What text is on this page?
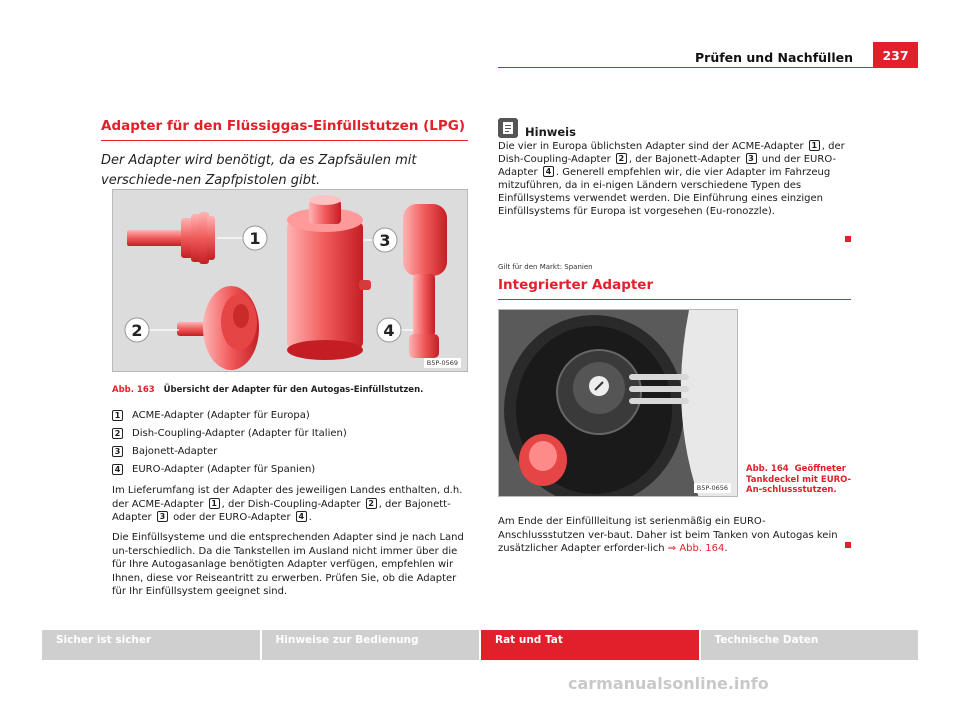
Prüfen und Nachfüllen	237
Adapter für den Flüssiggas-Einfüllstutzen (LPG)
Der Adapter wird benötigt, da es Zapfsäulen mit verschiede-nen Zapfpistolen gibt.
1
2
3
4
B5P-0569
Abb. 163 Übersicht der Adapter für den Autogas-Einfüllstutzen.
1 ACME-Adapter (Adapter für Europa)
2 Dish-Coupling-Adapter (Adapter für Italien)
3 Bajonett-Adapter
4 EURO-Adapter (Adapter für Spanien)
Im Lieferumfang ist der Adapter des jeweiligen Landes enthalten, d.h. der ACME-Adapter 1 , der Dish-Coupling-Adapter 2 , der Bajonett-Adapter 3 oder der EURO-Adapter 4 .
Die Einfüllsysteme und die entsprechenden Adapter sind je nach Land un-terschiedlich. Da die Tankstellen im Ausland nicht immer über die für Ihre Autogasanlage benötigten Adapter verfügen, empfehlen wir Ihnen, diese vor Reiseantritt zu erwerben. Prüfen Sie, ob die Adapter für Ihr Einfüllsystem geeignet sind.
Hinweis
Die vier in Europa üblichsten Adapter sind der ACME-Adapter 1 , der Dish-Coupling-Adapter 2 , der Bajonett-Adapter 3 und der EURO-Adapter 4 . Generell empfehlen wir, die vier Adapter im Fahrzeug mitzuführen, da in ei-nigen Ländern verschiedene Typen des Einfüllsystems verwendet werden. Die Einführung eines einzigen Einfüllsystems für Europa ist vorgesehen (Eu-ronozzle).
Gilt für den Markt: Spanien
Integrierter Adapter
B5P-0656
Abb. 164 Geöffneter Tankdeckel mit EURO-An-schlussstutzen.
Am Ende der Einfüllleitung ist serienmäßig ein EURO-Anschlussstutzen ver-baut. Daher ist beim Tanken von Autogas kein zusätzlicher Adapter erforder-lich ⇒ Abb. 164.
Sicher ist sicher	Hinweise zur Bedienung	Rat und Tat	Technische Daten
carmanualsonline.info
